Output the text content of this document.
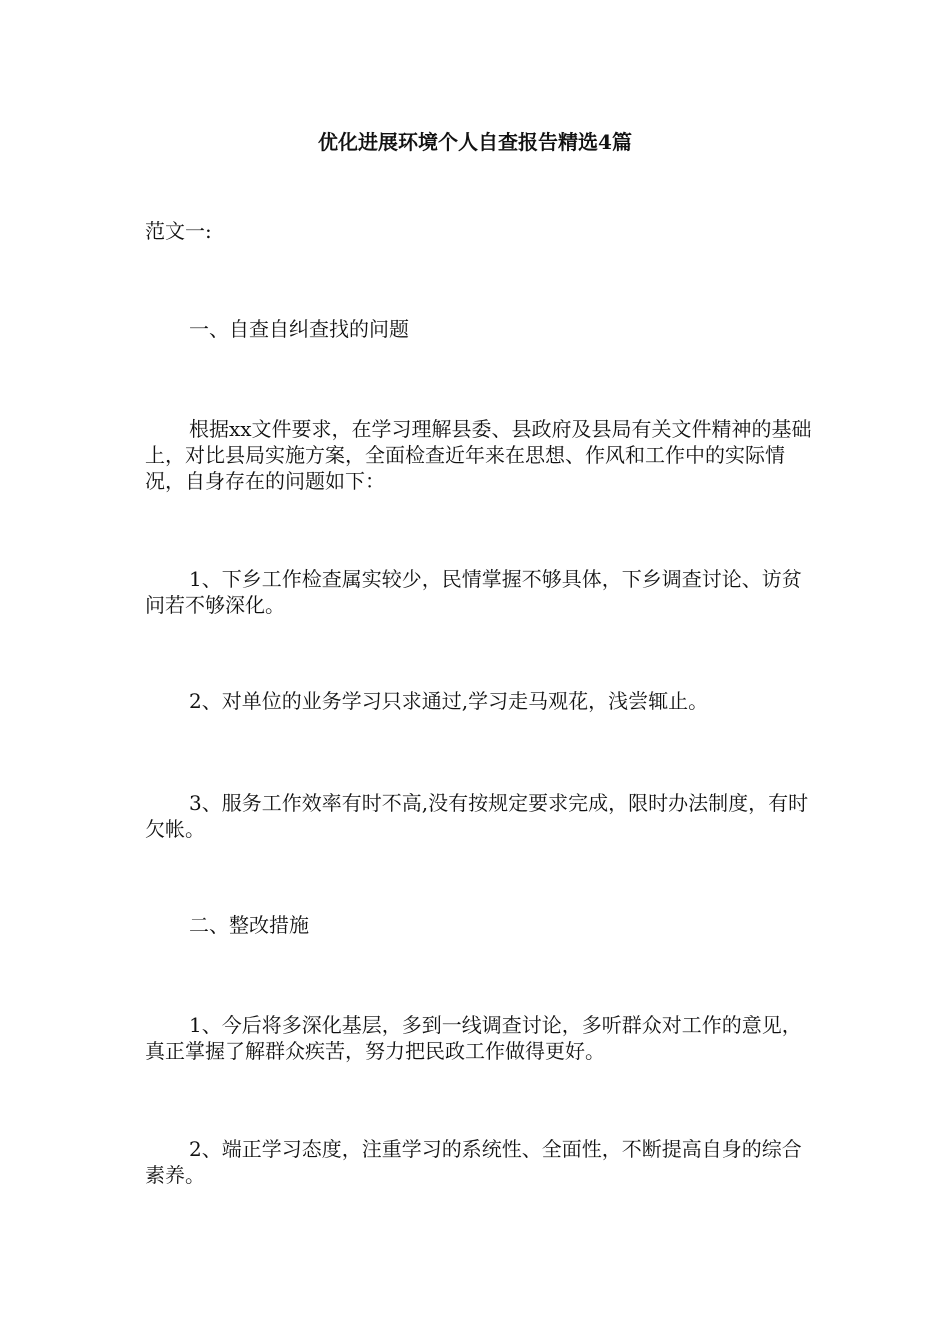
优化进展环境个人自查报告精选4篇

范文一:

一、自查自纠查找的问题

根据xx文件要求，在学习理解县委、县政府及县局有关文件精神的基础上，对比县局实施方案，全面检查近年来在思想、作风和工作中的实际情况，自身存在的问题如下：

1、下乡工作检查属实较少，民情掌握不够具体，下乡调查讨论、访贫问若不够深化。

2、对单位的业务学习只求通过,学习走马观花，浅尝辄止。

3、服务工作效率有时不高,没有按规定要求完成，限时办法制度，有时欠帐。

二、整改措施

1、今后将多深化基层，多到一线调查讨论，多听群众对工作的意见，真正掌握了解群众疾苦，努力把民政工作做得更好。

2、端正学习态度，注重学习的系统性、全面性，不断提高自身的综合素养。
